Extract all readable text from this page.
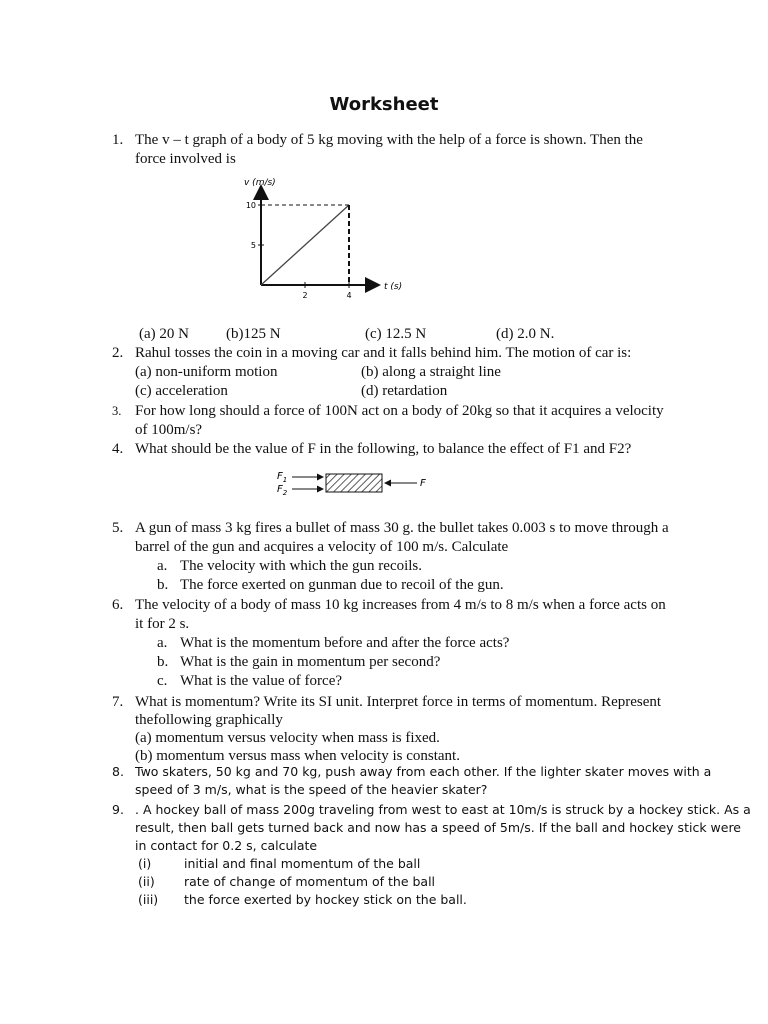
Worksheet
1. The v – t graph of a body of 5 kg moving with the help of a force is shown. Then the
force involved is
v (m/s)
t (s)
10
5
2	4
(a) 20 N (b)125 N	(c) 12.5 N	(d) 2.0 N.
2. Rahul tosses the coin in a moving car and it falls behind him. The motion of car is:
(a) non-uniform motion	(b) along a straight line
(c) acceleration	(d) retardation
3. For how long should a force of 100N act on a body of 20kg so that it acquires a velocity
of 100m/s?
4. What should be the value of F in the following, to balance the effect of F1 and F2?
$F_1$
$F_2$
F
5. A gun of mass 3 kg fires a bullet of mass 30 g. the bullet takes 0.003 s to move through a
barrel of the gun and acquires a velocity of 100 m/s. Calculate
a. The velocity with which the gun recoils.
b. The force exerted on gunman due to recoil of the gun.
6. The velocity of a body of mass 10 kg increases from 4 m/s to 8 m/s when a force acts on
it for 2 s.
a. What is the momentum before and after the force acts?
b. What is the gain in momentum per second?
c. What is the value of force?
7. What is momentum? Write its SI unit. Interpret force in terms of momentum. Represent
thefollowing graphically
(a) momentum versus velocity when mass is fixed.
(b) momentum versus mass when velocity is constant.
8. Two skaters, 50 kg and 70 kg, push away from each other. If the lighter skater moves with a
speed of 3 m/s, what is the speed of the heavier skater?
9. . A hockey ball of mass 200g traveling from west to east at 10m/s is struck by a hockey stick. As a
result, then ball gets turned back and now has a speed of 5m/s. If the ball and hockey stick were
in contact for 0.2 s, calculate
(i)	initial and final momentum of the ball
(ii) rate of change of momentum of the ball
(iii) the force exerted by hockey stick on the ball.
